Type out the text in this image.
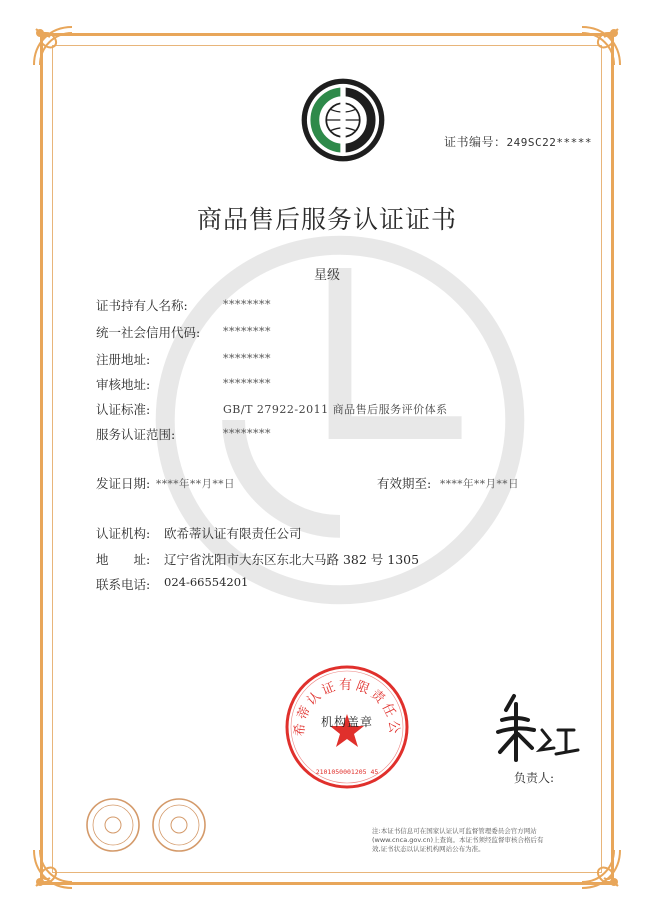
证书编号：249SC22*****
商品售后服务认证证书
星级
证书持有人名称:	********
统一社会信用代码: ********
注册地址:	********
审核地址:	********
认证标准:	GB/T 27922-2011 商品售后服务评价体系
服务认证范围:	********
发证日期: ****年**月**日	有效期至: ****年**月**日
认证机构: 欧希蒂认证有限责任公司
地　　址: 辽宁省沈阳市大东区东北大马路 382 号 1305
联系电话: 024-66554201
希蒂认证有限责任公
2101050001205 45
机构盖章
负责人:
注:本证书信息可在国家认证认可监督管理委员会官方网站(www.cnca.gov.cn)上查询。本证书须经监督审核合格后有效,证书状态以认证机构网站公布为准。
